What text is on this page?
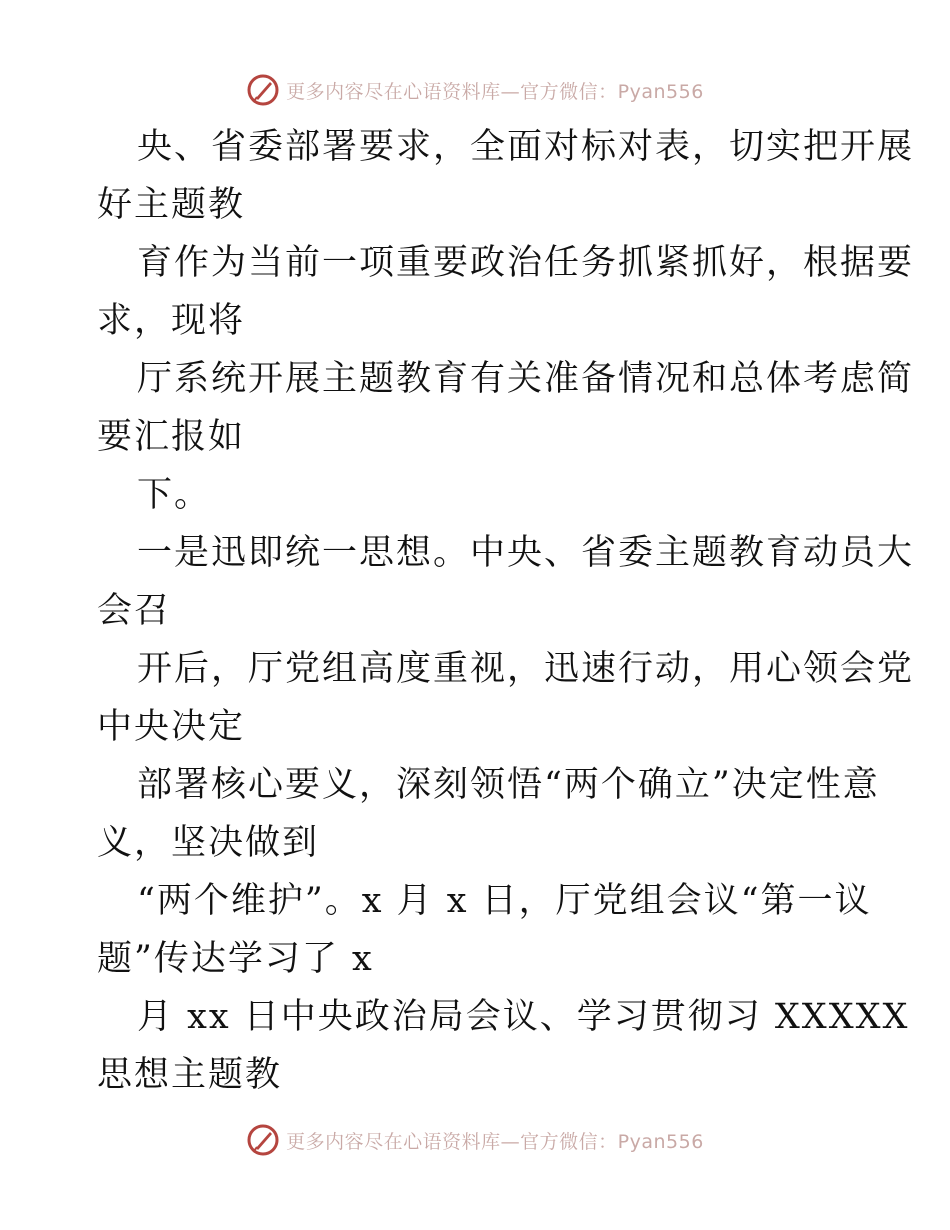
更多内容尽在心语资料库—官方微信：Pyan556
央、省委部署要求，全面对标对表，切实把开展
好主题教
育作为当前一项重要政治任务抓紧抓好，根据要
求，现将
厅系统开展主题教育有关准备情况和总体考虑简
要汇报如
下。
一是迅即统一思想。中央、省委主题教育动员大
会召
开后，厅党组高度重视，迅速行动，用心领会党
中央决定
部署核心要义，深刻领悟“两个确立”决定性意
义，坚决做到
“两个维护”。x 月 x 日，厅党组会议“第一议
题”传达学习了 x
月 xx 日中央政治局会议、学习贯彻习 XXXXX
思想主题教
更多内容尽在心语资料库—官方微信：Pyan556
